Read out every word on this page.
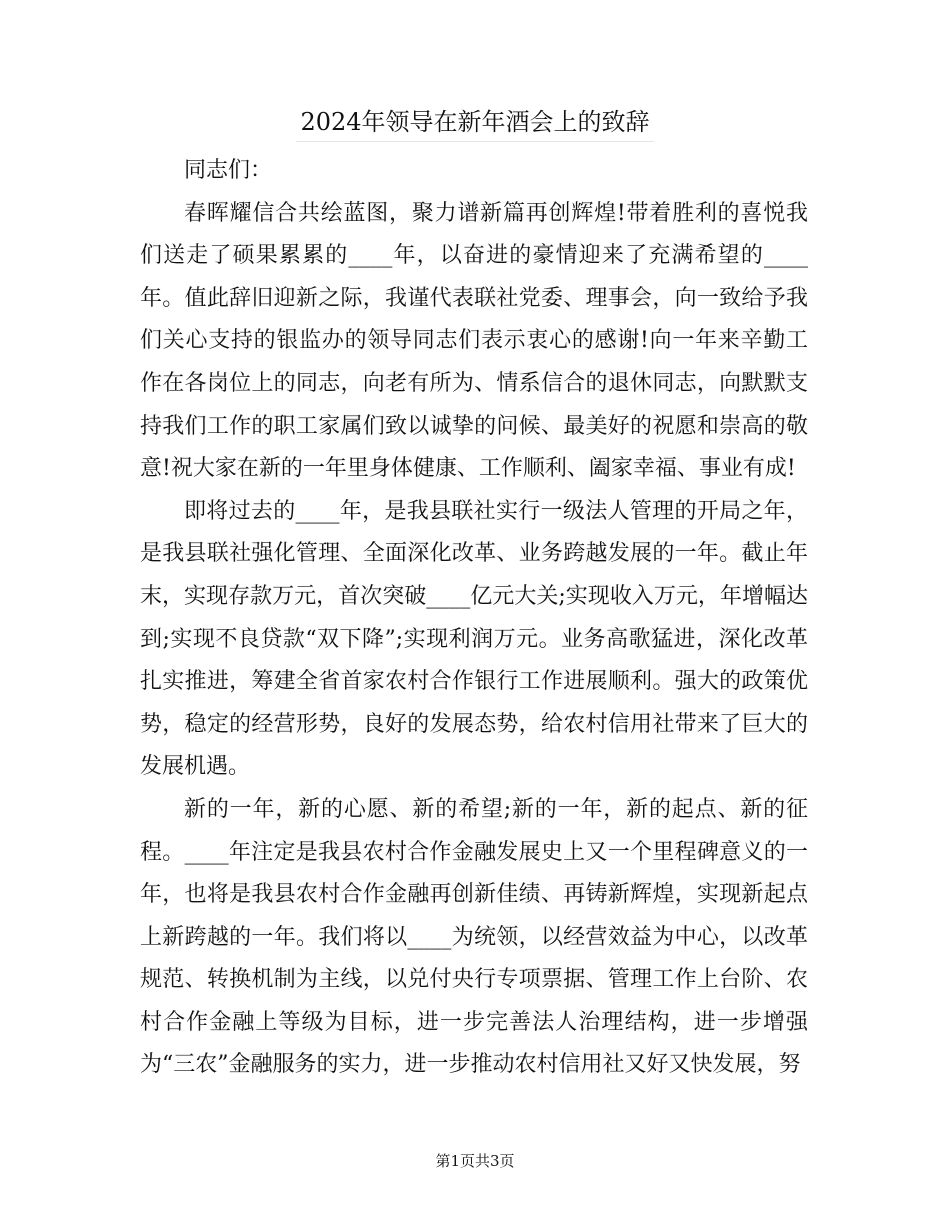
2024年领导在新年酒会上的致辞

同志们：

春晖耀信合共绘蓝图，聚力谱新篇再创辉煌!带着胜利的喜悦我们送走了硕果累累的____年，以奋进的豪情迎来了充满希望的____年。值此辞旧迎新之际，我谨代表联社党委、理事会，向一致给予我们关心支持的银监办的领导同志们表示衷心的感谢!向一年来辛勤工作在各岗位上的同志，向老有所为、情系信合的退休同志，向默默支持我们工作的职工家属们致以诚挚的问候、最美好的祝愿和崇高的敬意!祝大家在新的一年里身体健康、工作顺利、阖家幸福、事业有成!

即将过去的____年，是我县联社实行一级法人管理的开局之年，是我县联社强化管理、全面深化改革、业务跨越发展的一年。截止年末，实现存款万元，首次突破____亿元大关;实现收入万元，年增幅达到;实现不良贷款“双下降”;实现利润万元。业务高歌猛进，深化改革扎实推进，筹建全省首家农村合作银行工作进展顺利。强大的政策优势，稳定的经营形势，良好的发展态势，给农村信用社带来了巨大的发展机遇。

新的一年，新的心愿、新的希望;新的一年，新的起点、新的征程。____年注定是我县农村合作金融发展史上又一个里程碑意义的一年，也将是我县农村合作金融再创新佳绩、再铸新辉煌，实现新起点上新跨越的一年。我们将以____为统领，以经营效益为中心，以改革规范、转换机制为主线，以兑付央行专项票据、管理工作上台阶、农村合作金融上等级为目标，进一步完善法人治理结构，进一步增强为“三农”金融服务的实力，进一步推动农村信用社又好又快发展，努

第1页共3页
